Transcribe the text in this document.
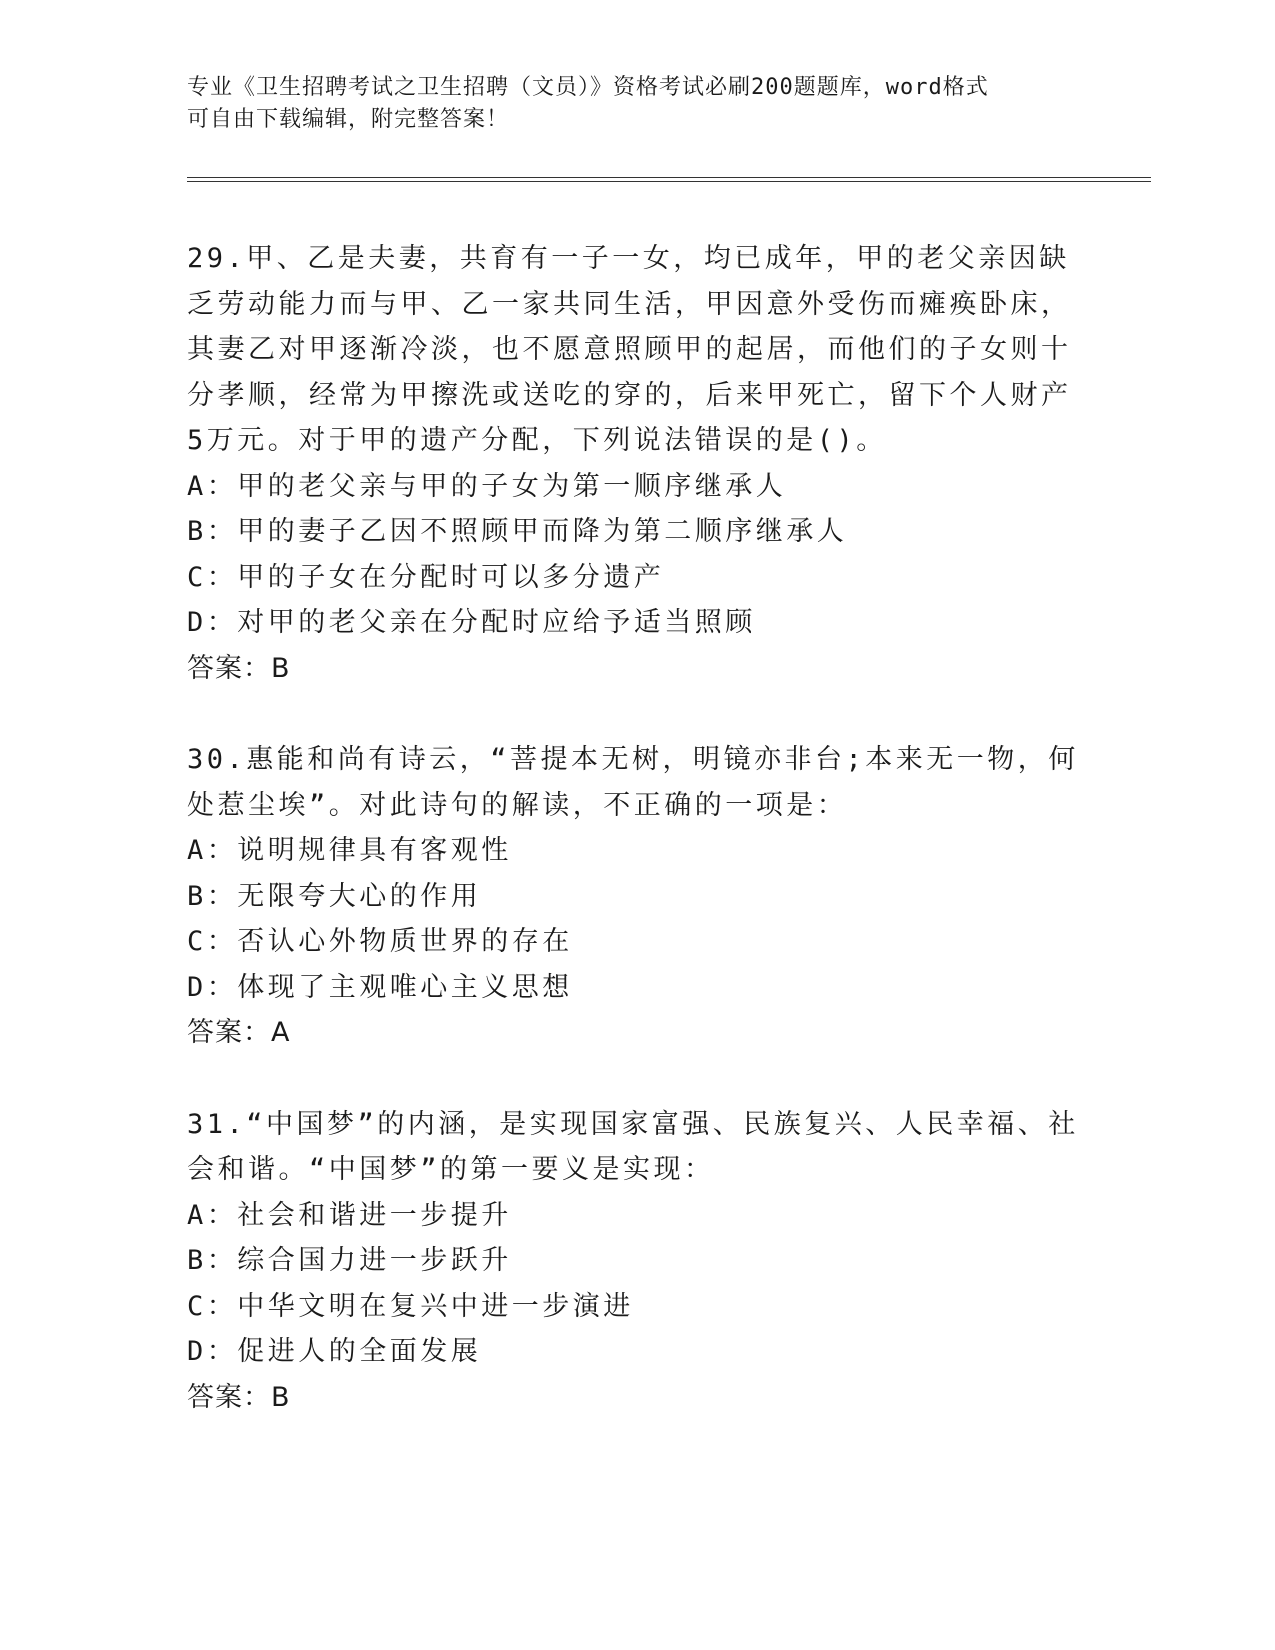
专业《卫生招聘考试之卫生招聘（文员）》资格考试必刷200题题库，word格式
可自由下载编辑，附完整答案！

29.甲、乙是夫妻，共育有一子一女，均已成年，甲的老父亲因缺乏劳动能力而与甲、乙一家共同生活，甲因意外受伤而瘫痪卧床，其妻乙对甲逐渐冷淡，也不愿意照顾甲的起居，而他们的子女则十分孝顺，经常为甲擦洗或送吃的穿的，后来甲死亡，留下个人财产5万元。对于甲的遗产分配，下列说法错误的是()。

A：甲的老父亲与甲的子女为第一顺序继承人
B：甲的妻子乙因不照顾甲而降为第二顺序继承人
C：甲的子女在分配时可以多分遗产
D：对甲的老父亲在分配时应给予适当照顾
答案：B

30.惠能和尚有诗云，“菩提本无树，明镜亦非台;本来无一物，何处惹尘埃”。对此诗句的解读，不正确的一项是：

A：说明规律具有客观性
B：无限夸大心的作用
C：否认心外物质世界的存在
D：体现了主观唯心主义思想
答案：A

31.“中国梦”的内涵，是实现国家富强、民族复兴、人民幸福、社会和谐。“中国梦”的第一要义是实现：

A：社会和谐进一步提升
B：综合国力进一步跃升
C：中华文明在复兴中进一步演进
D：促进人的全面发展
答案：B
